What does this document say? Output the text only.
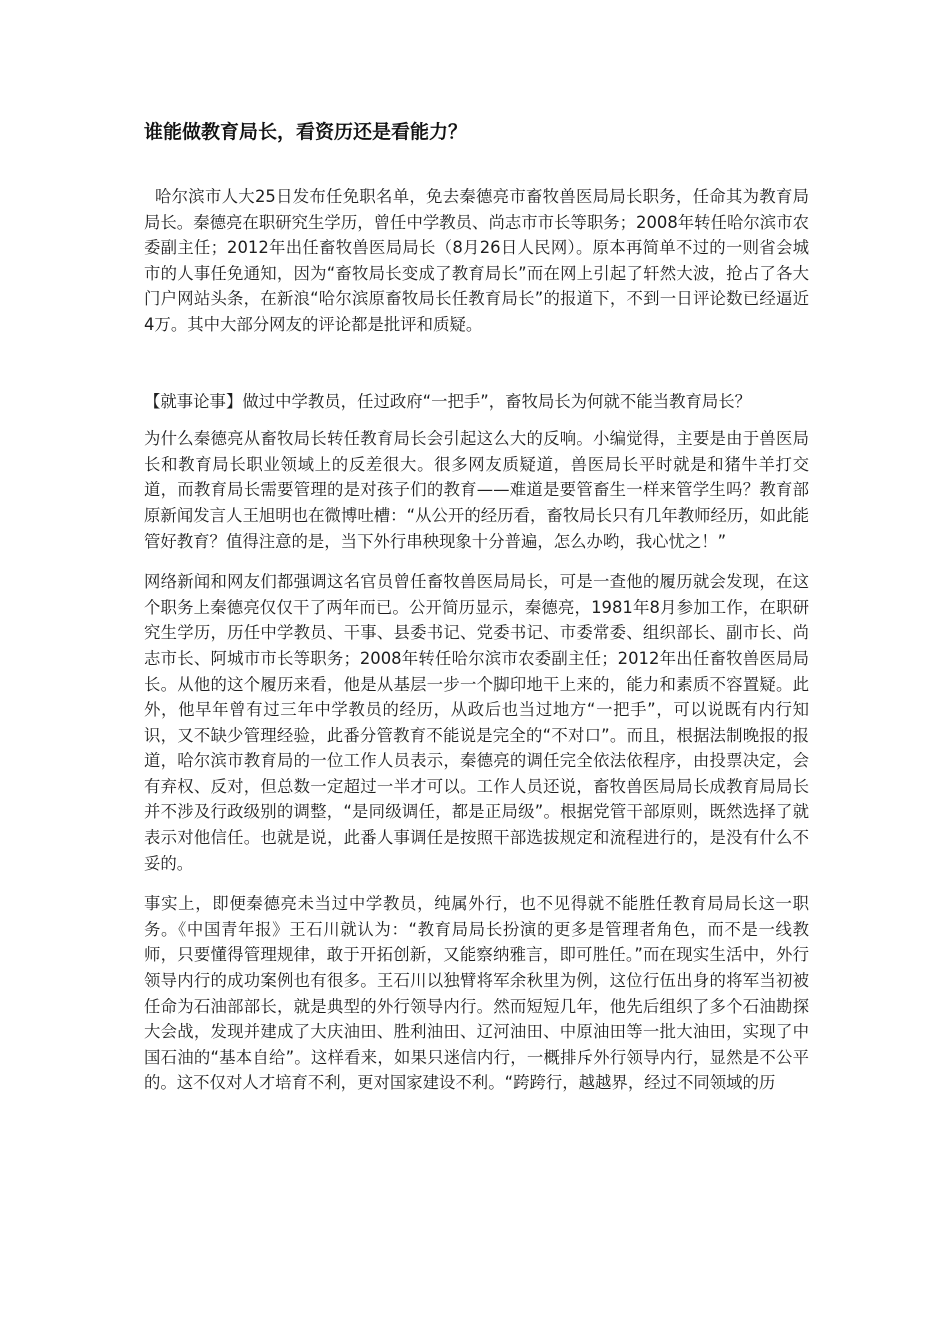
谁能做教育局长，看资历还是看能力？

哈尔滨市人大25日发布任免职名单，免去秦德亮市畜牧兽医局局长职务，任命其为教育局局长。秦德亮在职研究生学历，曾任中学教员、尚志市市长等职务；2008年转任哈尔滨市农委副主任；2012年出任畜牧兽医局局长（8月26日人民网）。原本再简单不过的一则省会城市的人事任免通知，因为“畜牧局长变成了教育局长”而在网上引起了轩然大波，抢占了各大门户网站头条，在新浪“哈尔滨原畜牧局长任教育局长”的报道下，不到一日评论数已经逼近4万。其中大部分网友的评论都是批评和质疑。

【就事论事】做过中学教员，任过政府“一把手”，畜牧局长为何就不能当教育局长？

为什么秦德亮从畜牧局长转任教育局长会引起这么大的反响。小编觉得，主要是由于兽医局长和教育局长职业领域上的反差很大。很多网友质疑道，兽医局长平时就是和猪牛羊打交道，而教育局长需要管理的是对孩子们的教育——难道是要管畜生一样来管学生吗？教育部原新闻发言人王旭明也在微博吐槽：“从公开的经历看，畜牧局长只有几年教师经历，如此能管好教育？值得注意的是，当下外行串秧现象十分普遍，怎么办哟，我心忧之！”

网络新闻和网友们都强调这名官员曾任畜牧兽医局局长，可是一查他的履历就会发现，在这个职务上秦德亮仅仅干了两年而已。公开简历显示，秦德亮，1981年8月参加工作，在职研究生学历，历任中学教员、干事、县委书记、党委书记、市委常委、组织部长、副市长、尚志市长、阿城市市长等职务；2008年转任哈尔滨市农委副主任；2012年出任畜牧兽医局局长。从他的这个履历来看，他是从基层一步一个脚印地干上来的，能力和素质不容置疑。此外，他早年曾有过三年中学教员的经历，从政后也当过地方“一把手”，可以说既有内行知识，又不缺少管理经验，此番分管教育不能说是完全的“不对口”。而且，根据法制晚报的报道，哈尔滨市教育局的一位工作人员表示，秦德亮的调任完全依法依程序，由投票决定，会有弃权、反对，但总数一定超过一半才可以。工作人员还说，畜牧兽医局局长成教育局局长并不涉及行政级别的调整，“是同级调任，都是正局级”。根据党管干部原则，既然选择了就表示对他信任。也就是说，此番人事调任是按照干部选拔规定和流程进行的，是没有什么不妥的。

事实上，即便秦德亮未当过中学教员，纯属外行，也不见得就不能胜任教育局局长这一职务。《中国青年报》王石川就认为：“教育局局长扮演的更多是管理者角色，而不是一线教师，只要懂得管理规律，敢于开拓创新，又能察纳雅言，即可胜任。”而在现实生活中，外行领导内行的成功案例也有很多。王石川以独臂将军余秋里为例，这位行伍出身的将军当初被任命为石油部部长，就是典型的外行领导内行。然而短短几年，他先后组织了多个石油勘探大会战，发现并建成了大庆油田、胜利油田、辽河油田、中原油田等一批大油田，实现了中国石油的“基本自给”。这样看来，如果只迷信内行，一概排斥外行领导内行，显然是不公平的。这不仅对人才培育不利，更对国家建设不利。“跨跨行，越越界，经过不同领域的历
